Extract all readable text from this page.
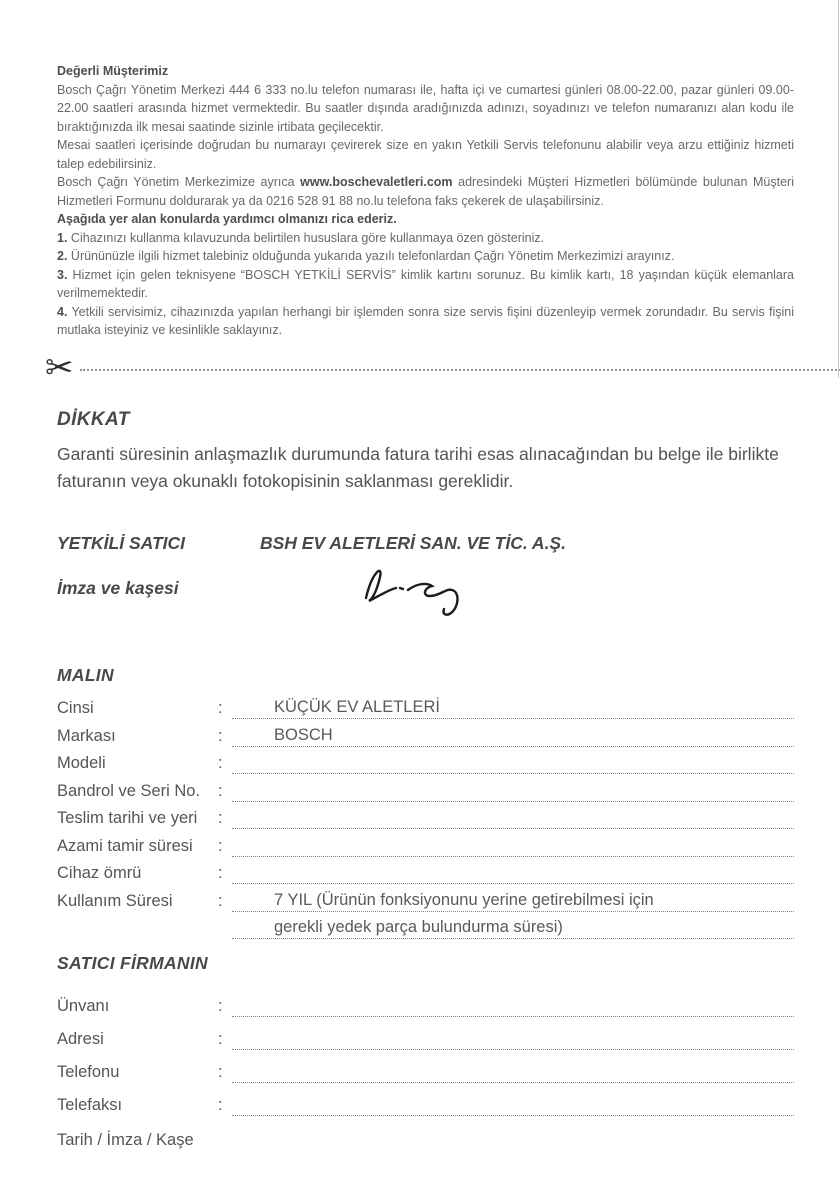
Değerli Müşterimiz

Bosch Çağrı Yönetim Merkezi 444 6 333 no.lu telefon numarası ile, hafta içi ve cumartesi günleri 08.00-22.00, pazar günleri 09.00-22.00 saatleri arasında hizmet vermektedir. Bu saatler dışında aradığınızda adınızı, soyadınızı ve telefon numaranızı alan kodu ile bıraktığınızda ilk mesai saatinde sizinle irtibata geçilecektir.

Mesai saatleri içerisinde doğrudan bu numarayı çevirerek size en yakın Yetkili Servis telefonunu alabilir veya arzu ettiğiniz hizmeti talep edebilirsiniz.

Bosch Çağrı Yönetim Merkezimize ayrıca www.boschevaletleri.com adresindeki Müşteri Hizmetleri bölümünde bulunan Müşteri Hizmetleri Formunu doldurarak ya da 0216 528 91 88 no.lu telefona faks çekerek de ulaşabilirsiniz.

Aşağıda yer alan konularda yardımcı olmanızı rica ederiz.

1. Cihazınızı kullanma kılavuzunda belirtilen hususlara göre kullanmaya özen gösteriniz.

2. Ürününüzle ilgili hizmet talebiniz olduğunda yukarıda yazılı telefonlardan Çağrı Yönetim Merkezimizi arayınız.

3. Hizmet için gelen teknisyene “BOSCH YETKİLİ SERVİS” kimlik kartını sorunuz. Bu kimlik kartı, 18 yaşından küçük elemanlara verilmemektedir.

4. Yetkili servisimiz, cihazınızda yapılan herhangi bir işlemden sonra size servis fişini düzenleyip vermek zorundadır. Bu servis fişini mutlaka isteyiniz ve kesinlikle saklayınız.

✂
DİKKAT

Garanti süresinin anlaşmazlık durumunda fatura tarihi esas alınacağından bu belge ile birlikte faturanın veya okunaklı fotokopisinin saklanması gereklidir.

YETKİLİ SATICI	BSH EV ALETLERİ SAN. VE TİC. A.Ş.
İmza ve kaşesi
MALIN
Cinsi	:	KÜÇÜK EV ALETLERİ
Markası	:	BOSCH
Modeli	:
Bandrol ve Seri No.	:
Teslim tarihi ve yeri	:
Azami tamir süresi	:
Cihaz ömrü	:
Kullanım Süresi	:	7 YIL (Ürünün fonksiyonunu yerine getirebilmesi için
gerekli yedek parça bulundurma süresi)
SATICI FİRMANIN
Ünvanı	:
Adresi	:
Telefonu	:
Telefaksı	:
Tarih / İmza / Kaşe
